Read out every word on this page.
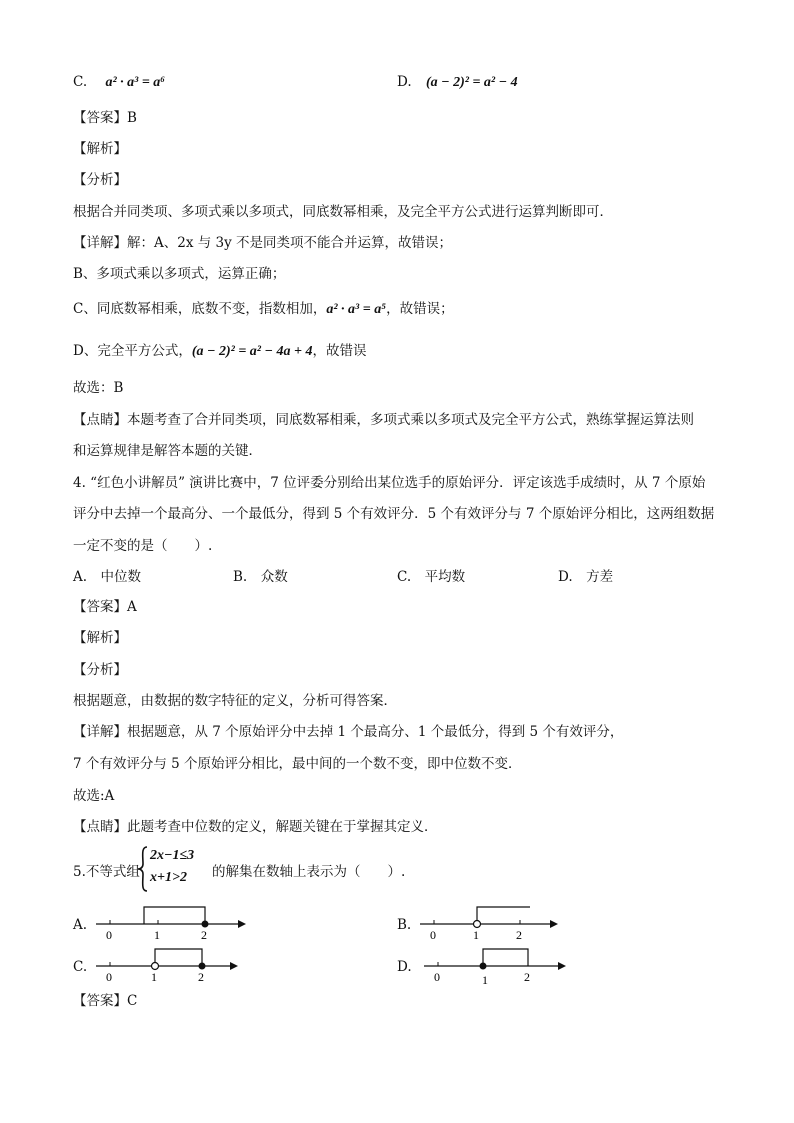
C. a² · a³ = a⁶	D. (a − 2)² = a² − 4
【答案】B
【解析】
【分析】
根据合并同类项、多项式乘以多项式，同底数幂相乘，及完全平方公式进行运算判断即可．
【详解】解：A、2x 与 3y 不是同类项不能合并运算，故错误；
B、多项式乘以多项式，运算正确；
C、同底数幂相乘，底数不变，指数相加，a² · a³ = a⁵，故错误；
D、完全平方公式，(a − 2)² = a² − 4a + 4，故错误
故选：B
【点睛】本题考查了合并同类项，同底数幂相乘，多项式乘以多项式及完全平方公式，熟练掌握运算法则
和运算规律是解答本题的关键．
4. “红色小讲解员” 演讲比赛中，7 位评委分别给出某位选手的原始评分．评定该选手成绩时，从 7 个原始
评分中去掉一个最高分、一个最低分，得到 5 个有效评分．5 个有效评分与 7 个原始评分相比，这两组数据
一定不变的是（　　）.
A.　中位数	B.　众数	C.　平均数	D.　方差
【答案】A
【解析】
【分析】
根据题意，由数据的数字特征的定义，分析可得答案．
【详解】根据题意，从 7 个原始评分中去掉 1 个最高分、1 个最低分，得到 5 个有效评分，
7 个有效评分与 5 个原始评分相比，最中间的一个数不变，即中位数不变．
故选:A
【点睛】此题考查中位数的定义，解题关键在于掌握其定义．
5.不等式组
2x−1≤3
x+1>2	的解集在数轴上表示为（　　）.
A.
0	1	2
B.
0	1	2
C.
0	1	2
D.
0	1	2
【答案】C
